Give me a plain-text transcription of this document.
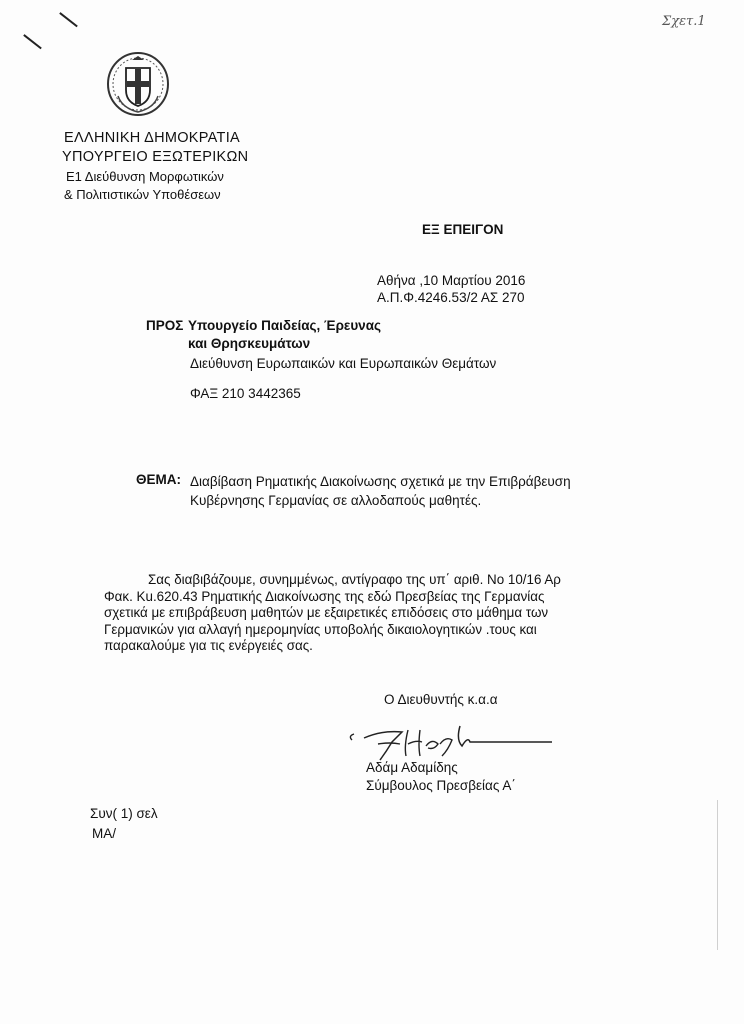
Σχετ.1
ΕΛΛΗΝΙΚΗ ΔΗΜΟΚΡΑΤΙΑ
ΥΠΟΥΡΓΕΙΟ ΕΞΩΤΕΡΙΚΩΝ
Ε1 Διεύθυνση Μορφωτικών
& Πολιτιστικών Υποθέσεων
ΕΞ ΕΠΕΙΓΟΝ
Αθήνα ,10 Μαρτίου 2016
Α.Π.Φ.4246.53/2 ΑΣ 270
ΠΡΟΣ Υπουργείο Παιδείας, Έρευνας
και Θρησκευμάτων
Διεύθυνση Ευρωπαικών και Ευρωπαικών Θεμάτων
ΦΑΞ 210 3442365
ΘΕΜΑ: Διαβίβαση Ρηματικής Διακοίνωσης σχετικά με την Επιβράβευση
Κυβέρνησης Γερμανίας σε αλλοδαπούς μαθητές.
Σας διαβιβάζουμε, συνημμένως, αντίγραφο της υπ΄ αριθ. Νο 10/16 Αρ
Φακ. Κu.620.43 Ρηματικής Διακοίνωσης της εδώ Πρεσβείας της Γερμανίας
σχετικά με επιβράβευση μαθητών με εξαιρετικές επιδόσεις στο μάθημα των
Γερμανικών για αλλαγή ημερομηνίας υποβολής δικαιολογητικών .τους και
παρακαλούμε για τις ενέργειές σας.
Ο Διευθυντής κ.α.α
Αδάμ Αδαμίδης
Σύμβουλος Πρεσβείας Α΄
Συν( 1) σελ
ΜΑ/
